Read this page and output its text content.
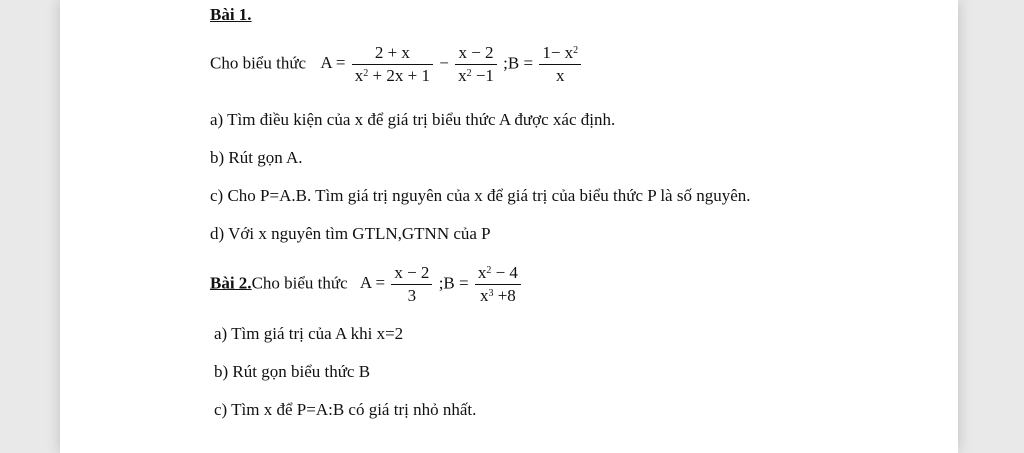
Bài 1.
Cho biểu thức $A = \frac{2 + x}{x^2 + 2x + 1} - \frac{x - 2}{x^2 -1}$ ;B = $\frac{1- x^2}{x}$
a) Tìm điều kiện của x để giá trị biểu thức A được xác định.
b) Rút gọn A.
c) Cho P=A.B. Tìm giá trị nguyên của x để giá trị của biểu thức P là số nguyên.
d) Với x nguyên tìm GTLN,GTNN của P
Bài 2.Cho biểu thức $A = \frac{x - 2}{3}$ ;B = $\frac{x^2 - 4}{x^3 +8}$
a) Tìm giá trị của A khi x=2
b) Rút gọn biểu thức B
c) Tìm x để P=A:B có giá trị nhỏ nhất.
